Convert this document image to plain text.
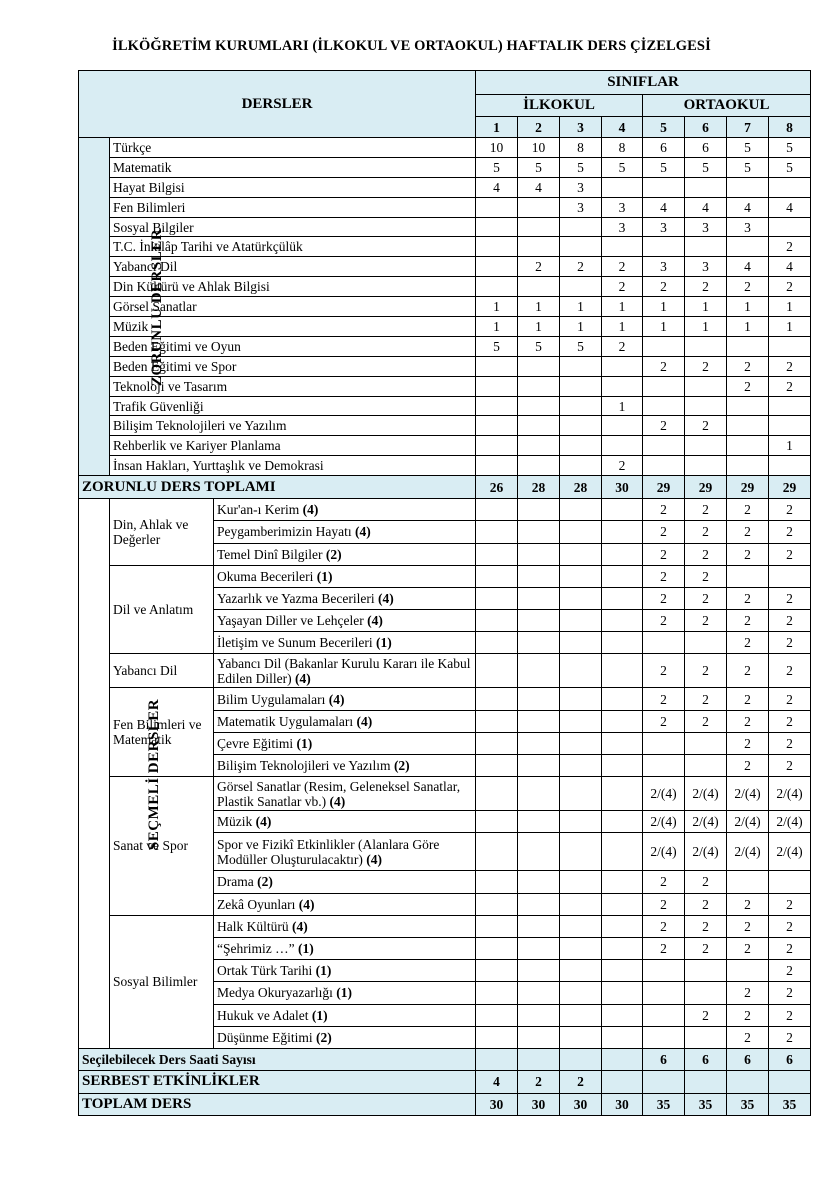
İLKÖĞRETİM KURUMLARI (İLKOKUL VE ORTAOKUL) HAFTALIK DERS ÇİZELGESİ
DERSLER			SINIFLAR							
			İLKOKUL				ORTAOKUL			
			1	2	3	4	5	6	7	8
ZORUNLU DERSLER	Türkçe		10	10	8	8	6	6	5	5
	Matematik		5	5	5	5	5	5	5	5
	Hayat Bilgisi		4	4	3					
	Fen Bilimleri				3	3	4	4	4	4
	Sosyal Bilgiler					3	3	3	3	
	T.C. İnkılâp Tarihi ve Atatürkçülük									2
	Yabancı Dil			2	2	2	3	3	4	4
	Din Kültürü ve Ahlak Bilgisi					2	2	2	2	2
	Görsel Sanatlar		1	1	1	1	1	1	1	1
	Müzik		1	1	1	1	1	1	1	1
	Beden Eğitimi ve Oyun		5	5	5	2				
	Beden Eğitimi ve Spor						2	2	2	2
	Teknoloji ve Tasarım								2	2
	Trafik Güvenliği					1				
	Bilişim Teknolojileri ve Yazılım						2	2		
	Rehberlik ve Kariyer Planlama									1
	İnsan Hakları, Yurttaşlık ve Demokrasi					2				
ZORUNLU DERS TOPLAMI			26	28	28	30	29	29	29	29
SEÇMELİ DERSLER	Din, Ahlak ve Değerler	Kur'an-ı Kerim (4)					2	2	2	2
		Peygamberimizin Hayatı (4)					2	2	2	2
		Temel Dinî Bilgiler (2)					2	2	2	2
	Dil ve Anlatım	Okuma Becerileri (1)					2	2		
		Yazarlık ve Yazma Becerileri (4)					2	2	2	2
		Yaşayan Diller ve Lehçeler (4)					2	2	2	2
		İletişim ve Sunum Becerileri (1)							2	2
	Yabancı Dil	Yabancı Dil (Bakanlar Kurulu Kararı ile Kabul Edilen Diller) (4)					2	2	2	2
	Fen Bilimleri ve Matematik	Bilim Uygulamaları (4)					2	2	2	2
		Matematik Uygulamaları (4)					2	2	2	2
		Çevre Eğitimi (1)							2	2
		Bilişim Teknolojileri ve Yazılım (2)							2	2
	Sanat ve Spor	Görsel Sanatlar (Resim, Geleneksel Sanatlar, Plastik Sanatlar vb.) (4)					2/(4)	2/(4)	2/(4)	2/(4)
		Müzik (4)					2/(4)	2/(4)	2/(4)	2/(4)
		Spor ve Fizikî Etkinlikler (Alanlara Göre Modüller Oluşturulacaktır) (4)					2/(4)	2/(4)	2/(4)	2/(4)
		Drama (2)					2	2		
		Zekâ Oyunları (4)					2	2	2	2
	Sosyal Bilimler	Halk Kültürü (4)					2	2	2	2
		“Şehrimiz …” (1)					2	2	2	2
		Ortak Türk Tarihi (1)								2
		Medya Okuryazarlığı (1)							2	2
		Hukuk ve Adalet (1)						2	2	2
		Düşünme Eğitimi (2)							2	2
Seçilebilecek Ders Saati Sayısı							6	6	6	6
SERBEST ETKİNLİKLER			4	2	2					
TOPLAM DERS			30	30	30	30	35	35	35	35
